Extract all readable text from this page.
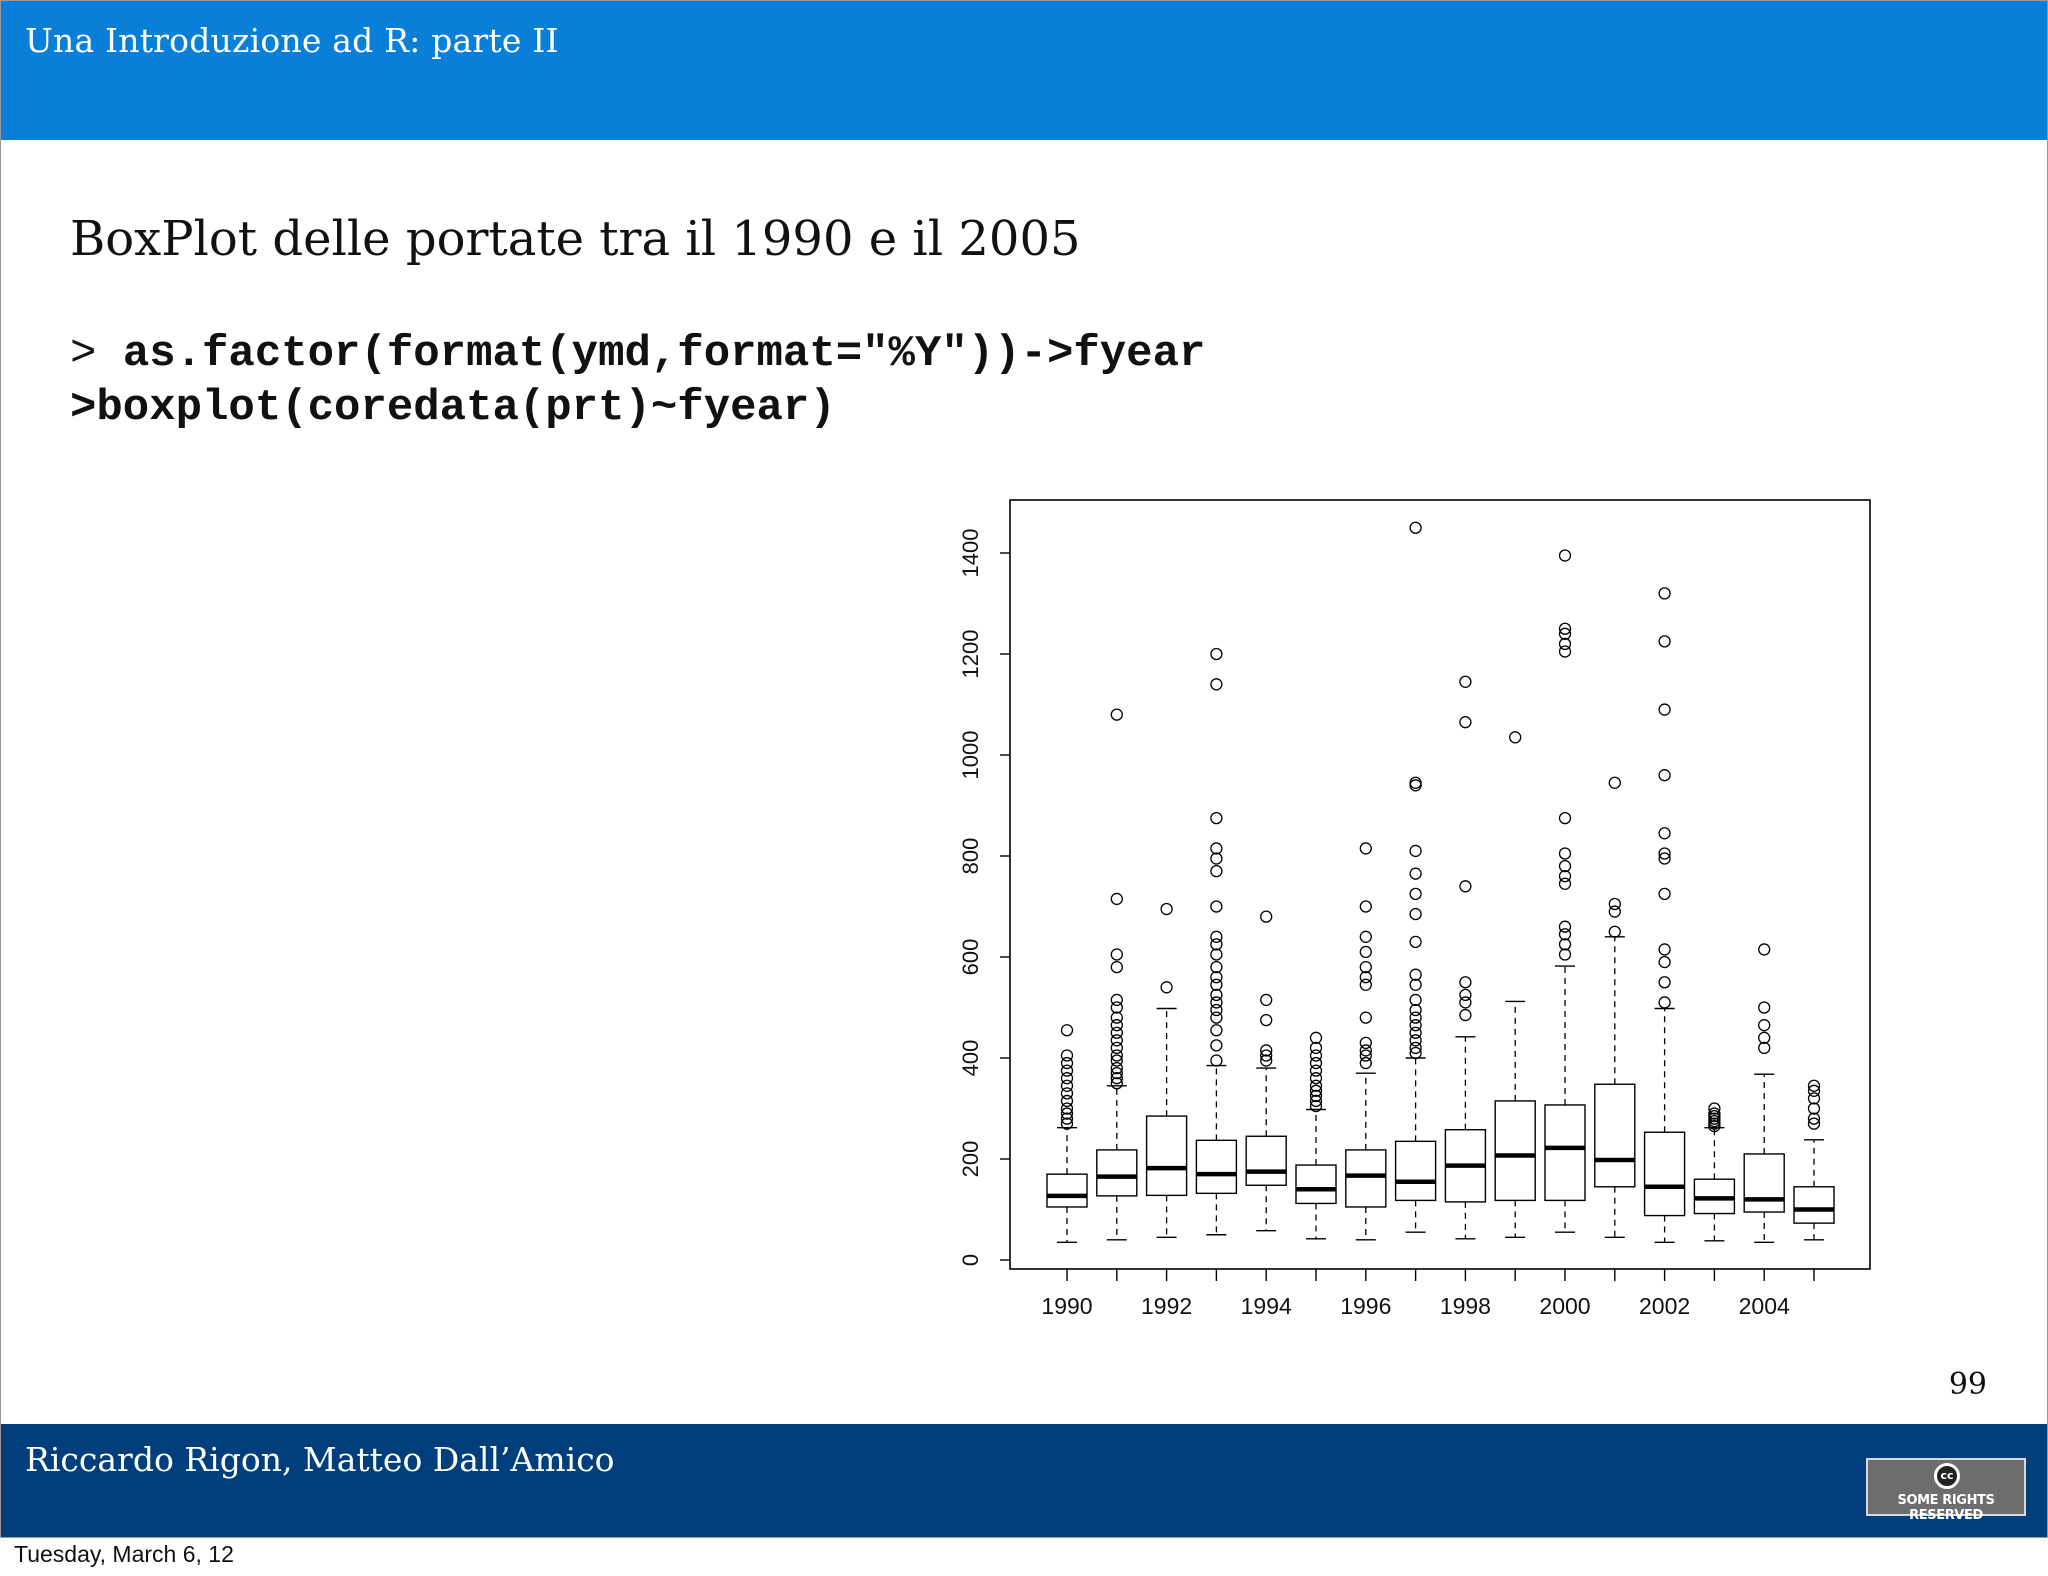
Una Introduzione ad R: parte II
BoxPlot delle portate tra il 1990 e il 2005
> as.factor(format(ymd,format="%Y"))->fyear
>boxplot(coredata(prt)~fyear)
0
200
400
600
800
1000
1200
1400
1990 1992 1994 1996 1998 2000 2002 2004
99
Riccardo Rigon, Matteo Dall’Amico	cc
SOME RIGHTS RESERVED
Tuesday, March 6, 12
